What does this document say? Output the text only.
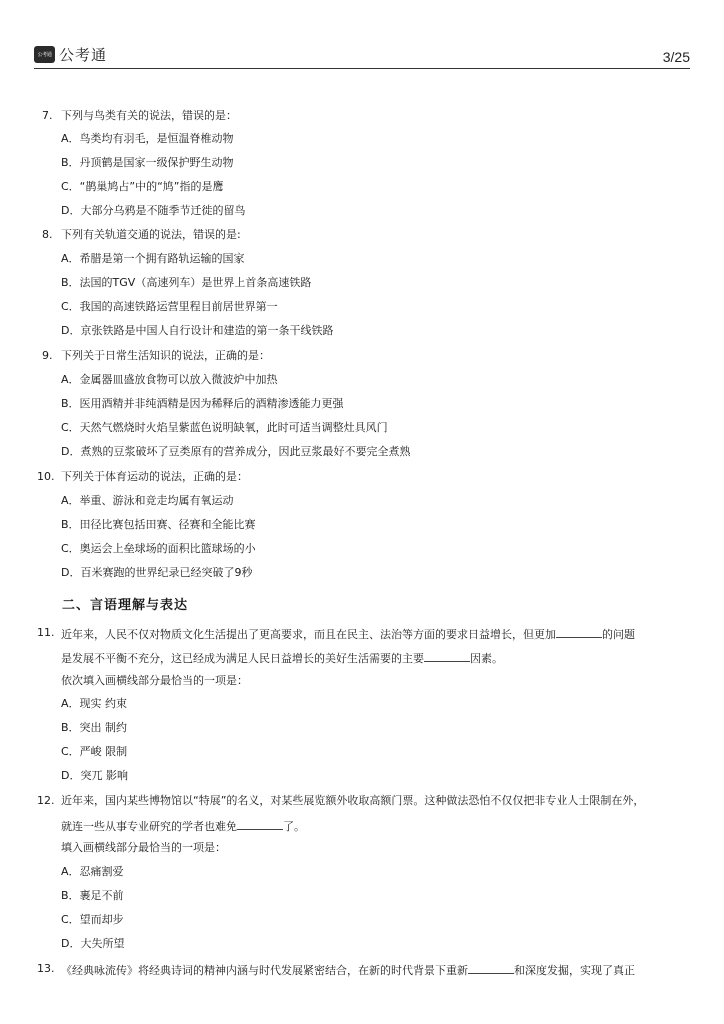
公考通 公考通	3/25
7. 下列与鸟类有关的说法，错误的是：
A．鸟类均有羽毛，是恒温脊椎动物
B．丹顶鹤是国家一级保护野生动物
C．“鹊巢鸠占”中的“鸠”指的是鹰
D．大部分乌鸦是不随季节迁徙的留鸟
8. 下列有关轨道交通的说法，错误的是:
A．希腊是第一个拥有路轨运输的国家
B．法国的TGV（高速列车）是世界上首条高速铁路
C．我国的高速铁路运营里程目前居世界第一
D．京张铁路是中国人自行设计和建造的第一条干线铁路
9. 下列关于日常生活知识的说法，正确的是：
A．金属器皿盛放食物可以放入微波炉中加热
B．医用酒精并非纯酒精是因为稀释后的酒精渗透能力更强
C．天然气燃烧时火焰呈紫蓝色说明缺氧，此时可适当调整灶具风门
D．煮熟的豆浆破坏了豆类原有的营养成分，因此豆浆最好不要完全煮熟
10. 下列关于体育运动的说法，正确的是：
A．举重、游泳和竞走均属有氧运动
B．田径比赛包括田赛、径赛和全能比赛
C．奥运会上垒球场的面积比篮球场的小
D．百米赛跑的世界纪录已经突破了9秒
二、言语理解与表达
11. 近年来，人民不仅对物质文化生活提出了更高要求，而且在民主、法治等方面的要求日益增长，但更加	的问题
是发展不平衡不充分，这已经成为满足人民日益增长的美好生活需要的主要	因素。
依次填入画横线部分最恰当的一项是：
A．现实 约束
B．突出 制约
C．严峻 限制
D．突兀 影响
12. 近年来，国内某些博物馆以“特展”的名义，对某些展览额外收取高额门票。这种做法恐怕不仅仅把非专业人士限制在外，
就连一些从事专业研究的学者也难免	了。
填入画横线部分最恰当的一项是：
A．忍痛割爱
B．裹足不前
C．望而却步
D．大失所望
13. 《经典咏流传》将经典诗词的精神内涵与时代发展紧密结合，在新的时代背景下重新	和深度发掘，实现了真正
